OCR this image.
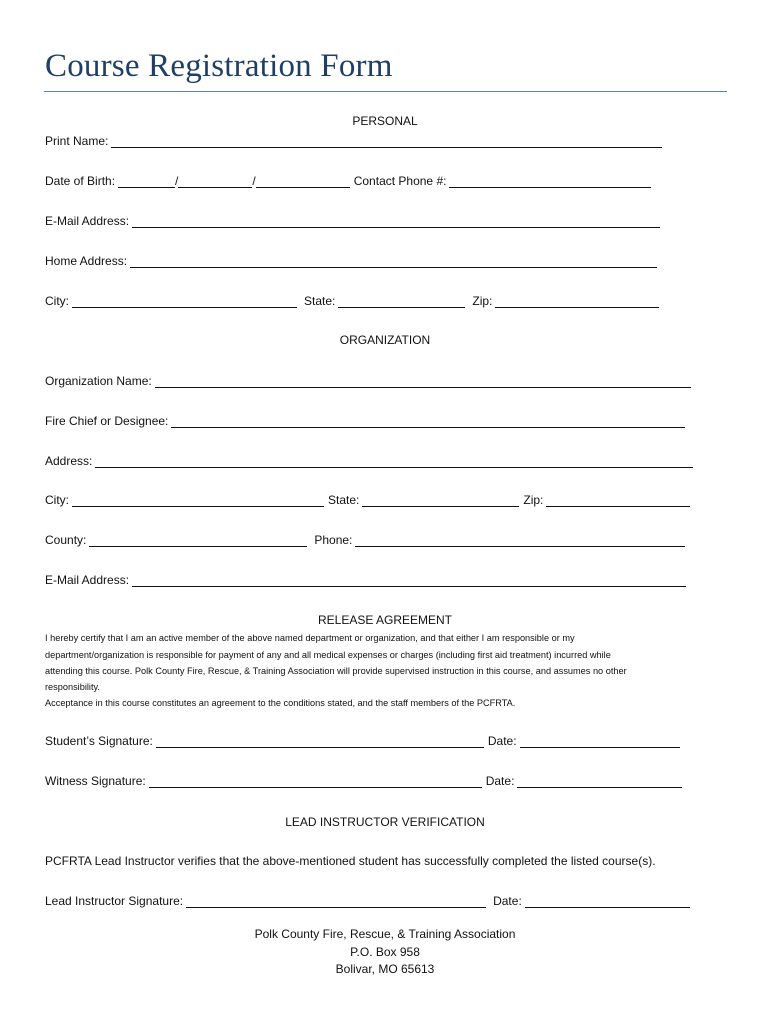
Course Registration Form
PERSONAL
Print Name:
Date of Birth:	/	/	Contact Phone #:
E-Mail Address:
Home Address:
City:	State:	Zip:
ORGANIZATION
Organization Name:
Fire Chief or Designee:
Address:
City:	State:	Zip:
County:	Phone:
E-Mail Address:
RELEASE AGREEMENT
I hereby certify that I am an active member of the above named department or organization, and that either I am responsible or my
department/organization is responsible for payment of any and all medical expenses or charges (including first aid treatment) incurred while
attending this course. Polk County Fire, Rescue, & Training Association will provide supervised instruction in this course, and assumes no other
responsibility.
Acceptance in this course constitutes an agreement to the conditions stated, and the staff members of the PCFRTA.
Student’s Signature:	Date:
Witness Signature:	Date:
LEAD INSTRUCTOR VERIFICATION
PCFRTA Lead Instructor verifies that the above-mentioned student has successfully completed the listed course(s).
Lead Instructor Signature:	Date:
Polk County Fire, Rescue, & Training Association
P.O. Box 958
Bolivar, MO 65613
